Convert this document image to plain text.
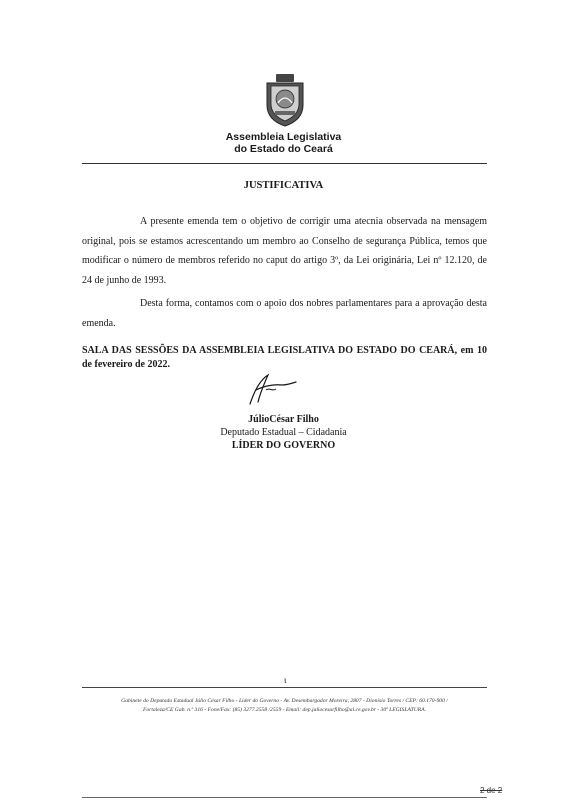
Assembleia Legislativa
do Estado do Ceará
JUSTIFICATIVA
A presente emenda tem o objetivo de corrigir uma atecnia observada na mensagem original, pois se estamos acrescentando um membro ao Conselho de segurança Pública, temos que modificar o número de membros referido no caput do artigo 3º, da Lei originária, Lei nº 12.120, de 24 de junho de 1993.
Desta forma, contamos com o apoio dos nobres parlamentares para a aprovação desta emenda.
SALA DAS SESSÕES DA ASSEMBLEIA LEGISLATIVA DO ESTADO DO CEARÁ, em 10 de fevereiro de 2022.
JúlioCésar Filho
Deputado Estadual – Cidadania
LÍDER DO GOVERNO
ɩ
Gabinete do Deputado Estadual Júlio César Filho - Líder do Governo - Av. Desembargador Moreira, 2807 - Dionísio Torres / CEP: 60.170-900 /
Fortaleza/CE Gab. n.º 316 - Fone/Fax: (85) 3277.2558 /2559 - Email: dep.juliocesarfilho@al.ce.gov.br - 30ª LEGISLATURA.
2 de 2
